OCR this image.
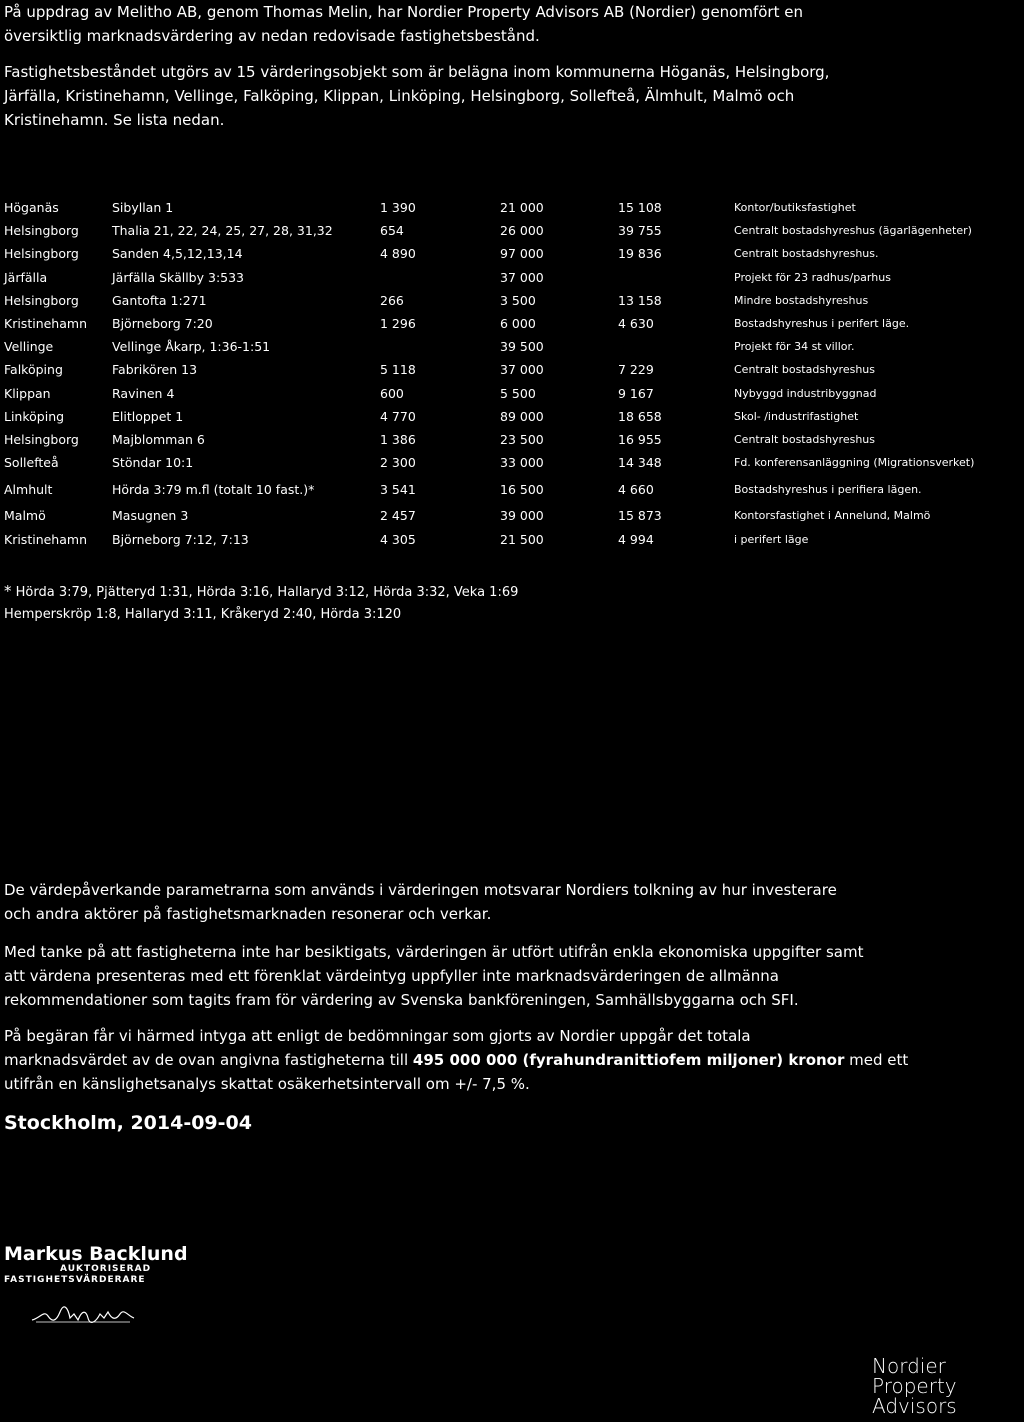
På uppdrag av Melitho AB, genom Thomas Melin, har Nordier Property Advisors AB (Nordier) genomfört en
översiktlig marknadsvärdering av nedan redovisade fastighetsbestånd.
Fastighetsbeståndet utgörs av 15 värderingsobjekt som är belägna inom kommunerna Höganäs, Helsingborg,
Järfälla, Kristinehamn, Vellinge, Falköping, Klippan, Linköping, Helsingborg, Sollefteå, Älmhult, Malmö och
Kristinehamn. Se lista nedan.
Höganäs	Sibyllan 1	1 390	21 000	15 108	Kontor/butiksfastighet
Helsingborg	Thalia 21, 22, 24, 25, 27, 28, 31,32	654	26 000	39 755	Centralt bostadshyreshus (ägarlägenheter)
Helsingborg	Sanden 4,5,12,13,14	4 890	97 000	19 836	Centralt bostadshyreshus.
Järfälla	Järfälla Skällby 3:533		37 000		Projekt för 23 radhus/parhus
Helsingborg	Gantofta 1:271	266	3 500	13 158	Mindre bostadshyreshus
Kristinehamn	Björneborg 7:20	1 296	6 000	4 630	Bostadshyreshus i perifert läge.
Vellinge	Vellinge Åkarp, 1:36-1:51		39 500		Projekt för 34 st villor.
Falköping	Fabrikören 13	5 118	37 000	7 229	Centralt bostadshyreshus
Klippan	Ravinen 4	600	5 500	9 167	Nybyggd industribyggnad
Linköping	Elitloppet 1	4 770	89 000	18 658	Skol- /industrifastighet
Helsingborg	Majblomman 6	1 386	23 500	16 955	Centralt bostadshyreshus
Sollefteå	Stöndar 10:1	2 300	33 000	14 348	Fd. konferensanläggning (Migrationsverket)
Almhult	Hörda 3:79 m.fl (totalt 10 fast.)*	3 541	16 500	4 660	Bostadshyreshus i perifiera lägen.
Malmö	Masugnen 3	2 457	39 000	15 873	Kontorsfastighet i Annelund, Malmö
Kristinehamn	Björneborg 7:12, 7:13	4 305	21 500	4 994	i perifert läge
* Hörda 3:79, Pjätteryd 1:31, Hörda 3:16, Hallaryd 3:12, Hörda 3:32, Veka 1:69
Hemperskröp 1:8, Hallaryd 3:11, Kråkeryd 2:40, Hörda 3:120
De värdepåverkande parametrarna som används i värderingen motsvarar Nordiers tolkning av hur investerare
och andra aktörer på fastighetsmarknaden resonerar och verkar.
Med tanke på att fastigheterna inte har besiktigats, värderingen är utfört utifrån enkla ekonomiska uppgifter samt
att värdena presenteras med ett förenklat värdeintyg uppfyller inte marknadsvärderingen de allmänna
rekommendationer som tagits fram för värdering av Svenska bankföreningen, Samhällsbyggarna och SFI.
På begäran får vi härmed intyga att enligt de bedömningar som gjorts av Nordier uppgår det totala
marknadsvärdet av de ovan angivna fastigheterna till 495 000 000 (fyrahundranittiofem miljoner) kronor med ett
utifrån en känslighetsanalys skattat osäkerhetsintervall om +/- 7,5 %.
Stockholm, 2014-09-04
Markus Backlund
AUKTORISERAD
FASTIGHETSVÄRDERARE
Nordier
Property
Advisors
